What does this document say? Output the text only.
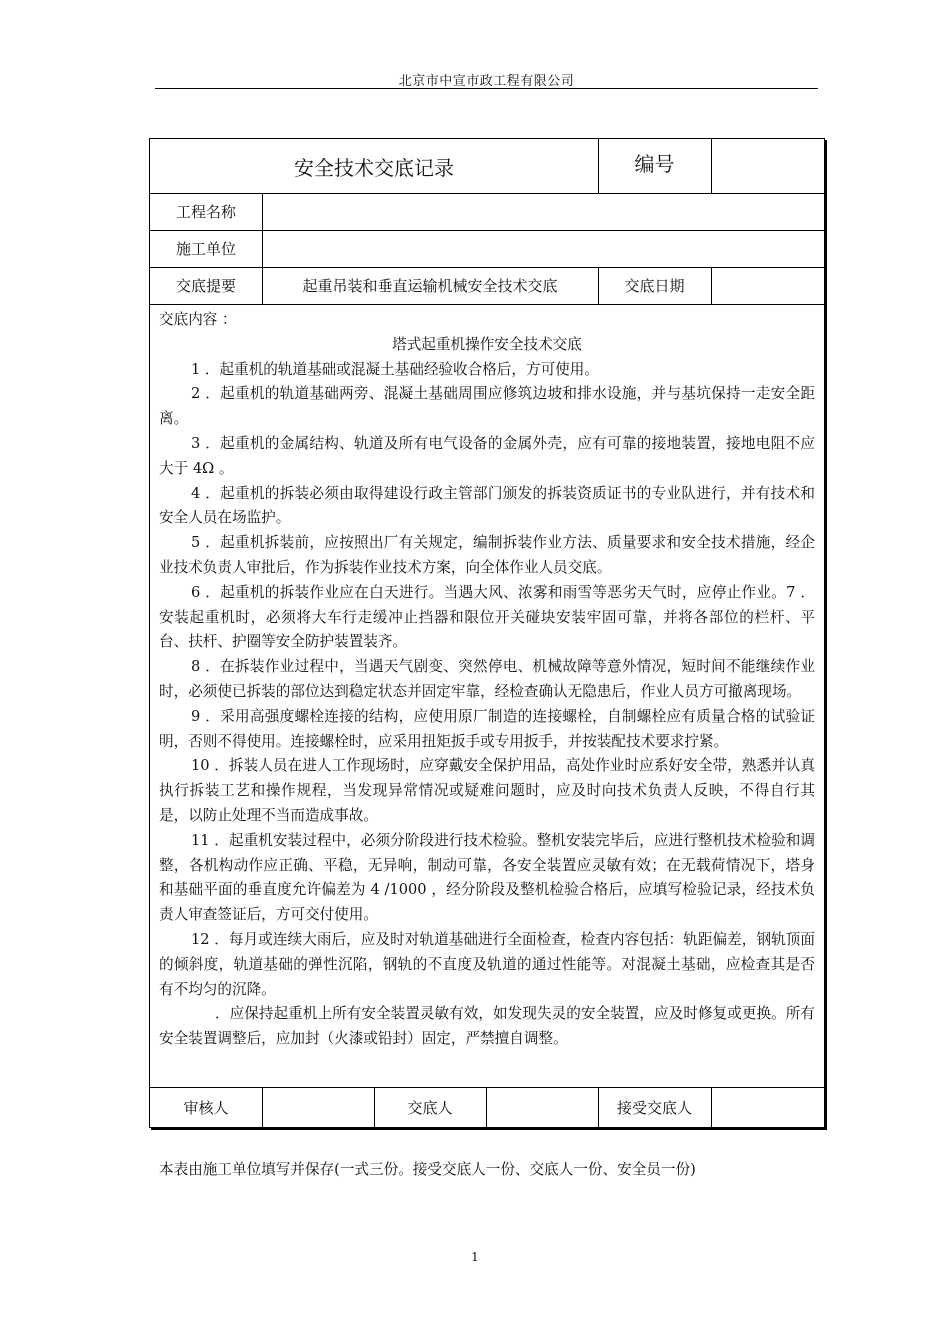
北京市中宣市政工程有限公司
安全技术交底记录	编号
工程名称
施工单位
交底提要	起重吊装和垂直运输机械安全技术交底	交底日期

交底内容 ：

塔式起重机操作安全技术交底

1 ．起重机的轨道基础或混凝土基础经验收合格后，方可使用。

2 ．起重机的轨道基础两旁、混凝土基础周围应修筑边坡和排水设施，并与基坑保持一走安全距离。

3 ．起重机的金属结构、轨道及所有电气设备的金属外壳，应有可靠的接地装置，接地电阻不应大于 4Ω 。

4 ．起重机的拆装必须由取得建设行政主管部门颁发的拆装资质证书的专业队进行，并有技术和安全人员在场监护。

5 ．起重机拆装前，应按照出厂有关规定，编制拆装作业方法、质量要求和安全技术措施，经企业技术负责人审批后，作为拆装作业技术方案，向全体作业人员交底。

6 ．起重机的拆装作业应在白天进行。当遇大风、浓雾和雨雪等恶劣天气时，应停止作业。7 ．安装起重机时，必须将大车行走缓冲止挡器和限位开关碰块安装牢固可靠，并将各部位的栏杆、平台、扶杆、护圈等安全防护装置装齐。

8 ．在拆装作业过程中，当遇天气剧变、突然停电、机械故障等意外情况，短时间不能继续作业时，必须使已拆装的部位达到稳定状态并固定牢靠，经检查确认无隐患后，作业人员方可撤离现场。

9 ．采用高强度螺栓连接的结构，应使用原厂制造的连接螺栓，自制螺栓应有质量合格的试验证明，否则不得使用。连接螺栓时，应采用扭矩扳手或专用扳手，并按装配技术要求拧紧。

10 ．拆装人员在进人工作现场时，应穿戴安全保护用品，高处作业时应系好安全带，熟悉并认真执行拆装工艺和操作规程，当发现异常情况或疑难问题时，应及时向技术负责人反映，不得自行其是，以防止处理不当而造成事故。

11 ．起重机安装过程中，必须分阶段进行技术检验。整机安装完毕后，应进行整机技术检验和调整，各机构动作应正确、平稳，无异响，制动可靠，各安全装置应灵敏有效；在无载荷情况下，塔身和基础平面的垂直度允许偏差为 4 /1000 ，经分阶段及整机检验合格后，应填写检验记录，经技术负责人审查签证后，方可交付使用。

12 ．每月或连续大雨后，应及时对轨道基础进行全面检查，检查内容包括：轨距偏差，钢轨顶面的倾斜度，轨道基础的弹性沉陷，钢轨的不直度及轨道的通过性能等。对混凝土基础，应检查其是否有不均匀的沉降。

．应保持起重机上所有安全装置灵敏有效，如发现失灵的安全装置，应及时修复或更换。所有安全装置调整后，应加封（火漆或铅封）固定，严禁擅自调整。

审核人	交底人	接受交底人
本表由施工单位填写并保存(一式三份。接受交底人一份、交底人一份、安全员一份)
1
